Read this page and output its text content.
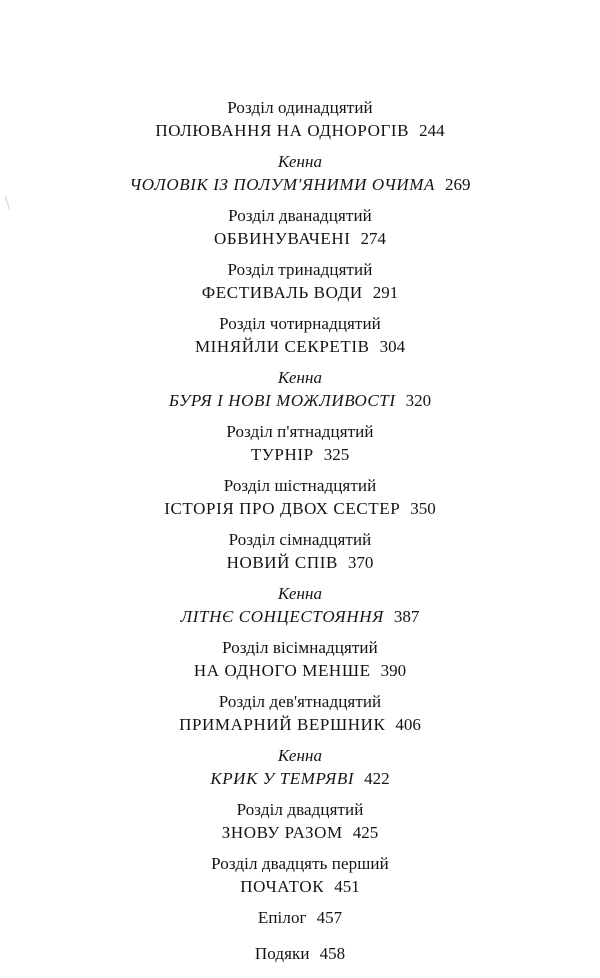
Розділ одинадцятий
ПОЛЮВАННЯ НА ОДНОРОГІВ 244
Кенна
ЧОЛОВІК ІЗ ПОЛУМ'ЯНИМИ ОЧИМА 269
Розділ дванадцятий
ОБВИНУВАЧЕНІ 274
Розділ тринадцятий
ФЕСТИВАЛЬ ВОДИ 291
Розділ чотирнадцятий
МІНЯЙЛИ СЕКРЕТІВ 304
Кенна
БУРЯ І НОВІ МОЖЛИВОСТІ 320
Розділ п'ятнадцятий
ТУРНІР 325
Розділ шістнадцятий
ІСТОРІЯ ПРО ДВОХ СЕСТЕР 350
Розділ сімнадцятий
НОВИЙ СПІВ 370
Кенна
ЛІТНЄ СОНЦЕСТОЯННЯ 387
Розділ вісімнадцятий
НА ОДНОГО МЕНШЕ 390
Розділ дев'ятнадцятий
ПРИМАРНИЙ ВЕРШНИК 406
Кенна
КРИК У ТЕМРЯВІ 422
Розділ двадцятий
ЗНОВУ РАЗОМ 425
Розділ двадцять перший
ПОЧАТОК 451
Епілог 457
Подяки 458
